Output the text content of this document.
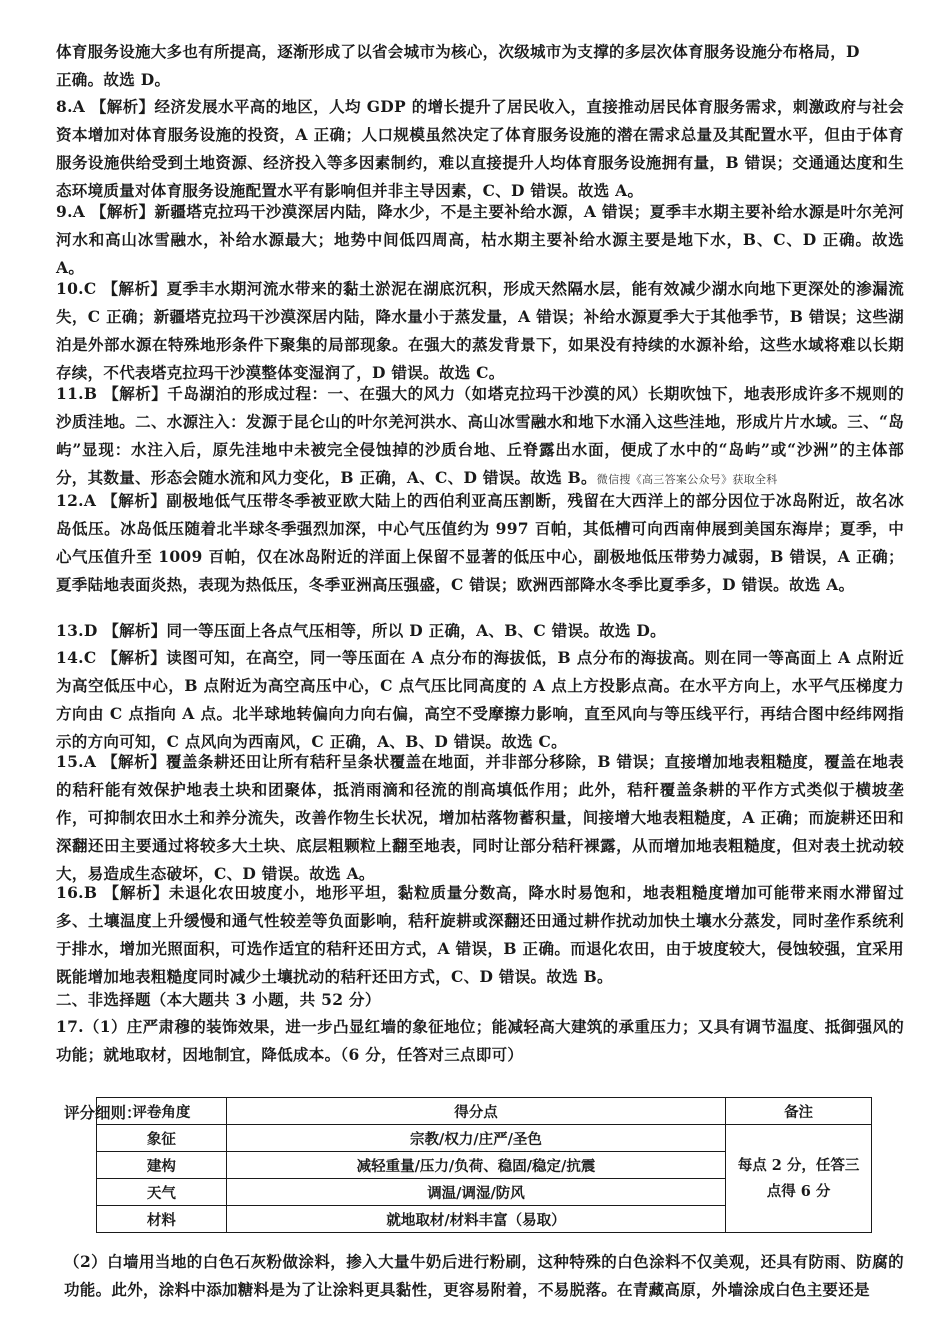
体育服务设施大多也有所提高，逐渐形成了以省会城市为核心，次级城市为支撑的多层次体育服务设施分布格局，D
正确。故选 D。
8.A 【解析】经济发展水平高的地区，人均 GDP 的增长提升了居民收入，直接推动居民体育服务需求，刺激政府与社会资本增加对体育服务设施的投资，A 正确；人口规模虽然决定了体育服务设施的潜在需求总量及其配置水平，但由于体育服务设施供给受到土地资源、经济投入等多因素制约，难以直接提升人均体育服务设施拥有量，B 错误；交通通达度和生态环境质量对体育服务设施配置水平有影响但并非主导因素，C、D 错误。故选 A。
9.A 【解析】新疆塔克拉玛干沙漠深居内陆，降水少，不是主要补给水源，A 错误；夏季丰水期主要补给水源是叶尔羌河河水和高山冰雪融水，补给水源最大；地势中间低四周高，枯水期主要补给水源主要是地下水，B、C、D 正确。故选 A。
10.C 【解析】夏季丰水期河流水带来的黏土淤泥在湖底沉积，形成天然隔水层，能有效减少湖水向地下更深处的渗漏流失，C 正确；新疆塔克拉玛干沙漠深居内陆，降水量小于蒸发量，A 错误；补给水源夏季大于其他季节，B 错误；这些湖泊是外部水源在特殊地形条件下聚集的局部现象。在强大的蒸发背景下，如果没有持续的水源补给，这些水域将难以长期存续，不代表塔克拉玛干沙漠整体变湿润了，D 错误。故选 C。
11.B 【解析】千岛湖泊的形成过程：一、在强大的风力（如塔克拉玛干沙漠的风）长期吹蚀下，地表形成许多不规则的沙质洼地。二、水源注入：发源于昆仑山的叶尔羌河洪水、高山冰雪融水和地下水涌入这些洼地，形成片片水域。三、“岛屿”显现：水注入后，原先洼地中未被完全侵蚀掉的沙质台地、丘脊露出水面，便成了水中的“岛屿”或“沙洲”的主体部分，其数量、形态会随水流和风力变化，B 正确，A、C、D 错误。故选 B。微信搜《高三答案公众号》获取全科
12.A 【解析】副极地低气压带冬季被亚欧大陆上的西伯利亚高压割断，残留在大西洋上的部分因位于冰岛附近，故名冰岛低压。冰岛低压随着北半球冬季强烈加深，中心气压值约为 997 百帕，其低槽可向西南伸展到美国东海岸；夏季，中心气压值升至 1009 百帕，仅在冰岛附近的洋面上保留不显著的低压中心，副极地低压带势力减弱，B 错误，A 正确；夏季陆地表面炎热，表现为热低压，冬季亚洲高压强盛，C 错误；欧洲西部降水冬季比夏季多，D 错误。故选 A。
13.D 【解析】同一等压面上各点气压相等，所以 D 正确，A、B、C 错误。故选 D。
14.C 【解析】读图可知，在高空，同一等压面在 A 点分布的海拔低，B 点分布的海拔高。则在同一等高面上 A 点附近为高空低压中心，B 点附近为高空高压中心，C 点气压比同高度的 A 点上方投影点高。在水平方向上，水平气压梯度力方向由 C 点指向 A 点。北半球地转偏向力向右偏，高空不受摩擦力影响，直至风向与等压线平行，再结合图中经纬网指示的方向可知，C 点风向为西南风，C 正确，A、B、D 错误。故选 C。
15.A 【解析】覆盖条耕还田让所有秸秆呈条状覆盖在地面，并非部分移除，B 错误；直接增加地表粗糙度，覆盖在地表的秸秆能有效保护地表土块和团聚体，抵消雨滴和径流的削高填低作用；此外，秸秆覆盖条耕的平作方式类似于横坡垄作，可抑制农田水土和养分流失，改善作物生长状况，增加枯落物蓄积量，间接增大地表粗糙度，A 正确；而旋耕还田和深翻还田主要通过将较多大土块、底层粗颗粒上翻至地表，同时让部分秸秆裸露，从而增加地表粗糙度，但对表土扰动较大，易造成生态破坏，C、D 错误。故选 A。
16.B 【解析】未退化农田坡度小，地形平坦，黏粒质量分数高，降水时易饱和，地表粗糙度增加可能带来雨水滞留过多、土壤温度上升缓慢和通气性较差等负面影响，秸秆旋耕或深翻还田通过耕作扰动加快土壤水分蒸发，同时垄作系统利于排水，增加光照面积，可选作适宜的秸秆还田方式，A 错误，B 正确。而退化农田，由于坡度较大，侵蚀较强，宜采用既能增加地表粗糙度同时减少土壤扰动的秸秆还田方式，C、D 错误。故选 B。
二、非选择题（本大题共 3 小题，共 52 分）
17.（1）庄严肃穆的装饰效果，进一步凸显红墙的象征地位；能减轻高大建筑的承重压力；又具有调节温度、抵御强风的功能；就地取材，因地制宜，降低成本。（6 分，任答对三点即可）
评分细则：
评卷角度	得分点	备注
象征	宗教/权力/庄严/圣色	每点 2 分，任答三点得 6 分
建构	减轻重量/压力/负荷、稳固/稳定/抗震	
天气	调温/调湿/防风	
材料	就地取材/材料丰富（易取）	
（2）白墙用当地的白色石灰粉做涂料，掺入大量牛奶后进行粉刷，这种特殊的白色涂料不仅美观，还具有防雨、防腐的功能。此外，涂料中添加糖料是为了让涂料更具黏性，更容易附着，不易脱落。在青藏高原，外墙涂成白色主要还是
